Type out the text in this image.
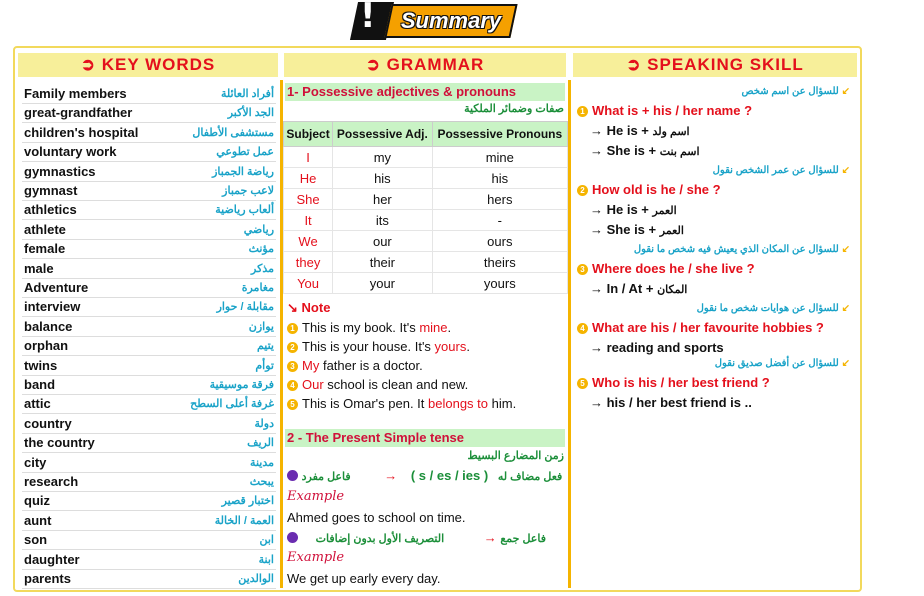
!	Summary
➲ KEY WORDS	➲ GRAMMAR	➲ SPEAKING SKILL
Family members	أفراد العائلة
great-grandfather	الجد الأكبر
children's hospital	مستشفى الأطفال
voluntary work	عمل تطوعي
gymnastics	رياضة الجمباز
gymnast	لاعب جمباز
athletics	ألعاب رياضية
athlete	رياضي
female	مؤنث
male	مذكر
Adventure	مغامرة
interview	مقابلة / حوار
balance	يوازن
orphan	يتيم
twins	توأم
band	فرقة موسيقية
attic	غرفة أعلى السطح
country	دولة
the country	الريف
city	مدينة
research	يبحث
quiz	اختبار قصير
aunt	العمة / الخالة
son	ابن
daughter	ابنة
parents	الوالدين
1- Possessive adjectives & pronouns
صفات وضمائر الملكية
Subject	Possessive Adj.	Possessive Pronouns
I	my	mine
He	his	his
She	her	hers
It	its	-
We	our	ours
they	their	theirs
You	your	yours
↘ Note
1 This is my book. It's mine.
2 This is your house. It's yours.
3 My father is a doctor.
4 Our school is clean and new.
5 This is Omar's pen. It belongs to him.
2 - The Present Simple tense
زمن المضارع البسيط
فاعل مفرد	→ ( s / es / ies ) فعل مضاف له
Example
Ahmed goes to school on time.
فاعل جمع → التصريف الأول بدون إضافات
Example
We get up early every day.
للسؤال عن اسم شخص ↙
1 What is + his / her name ?
→ He is + اسم ولد
→ She is + اسم بنت
للسؤال عن عمر الشخص نقول ↙
2 How old is he / she ?
→ He is + العمر
→ She is + العمر
للسؤال عن المكان الذي يعيش فيه شخص ما نقول ↙
3 Where does he / she live ?
→ In / At + المكان
للسؤال عن هوايات شخص ما نقول ↙
4 What are his / her favourite hobbies ?
→ reading and sports
للسؤال عن أفضل صديق نقول ↙
5 Who is his / her best friend ?
→ his / her best friend is ..
